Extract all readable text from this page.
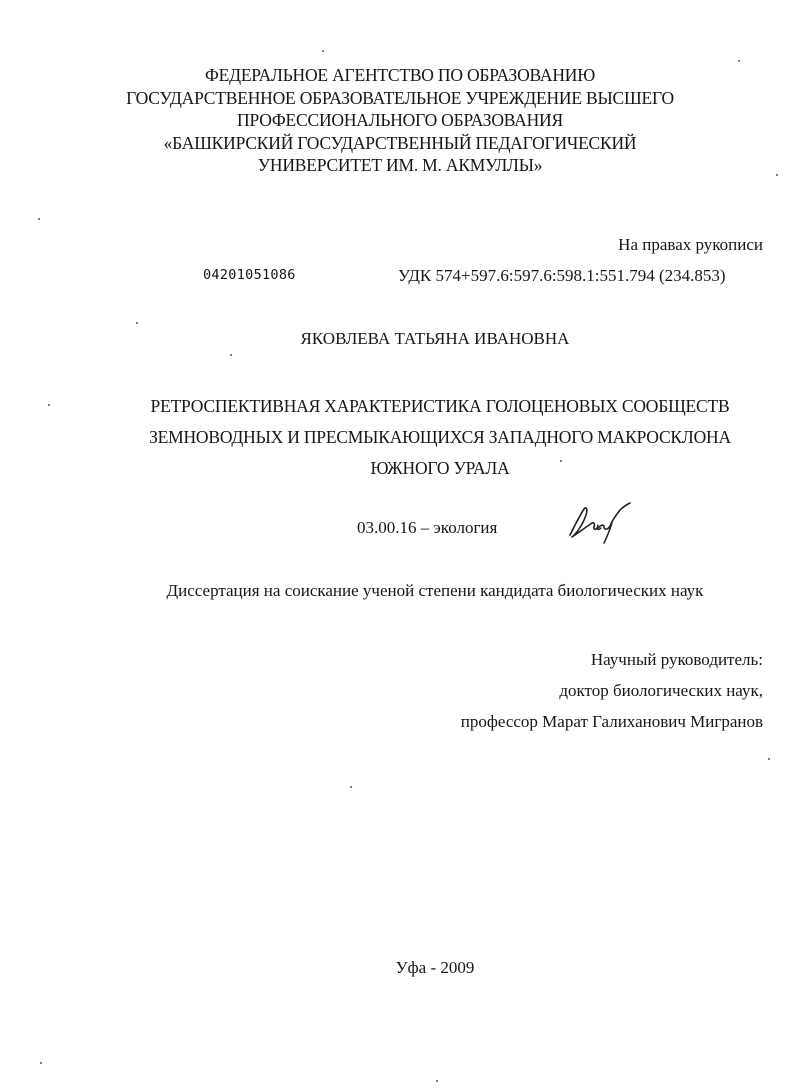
ФЕДЕРАЛЬНОЕ АГЕНТСТВО ПО ОБРАЗОВАНИЮ
ГОСУДАРСТВЕННОЕ ОБРАЗОВАТЕЛЬНОЕ УЧРЕЖДЕНИЕ ВЫСШЕГО
ПРОФЕССИОНАЛЬНОГО ОБРАЗОВАНИЯ
«БАШКИРСКИЙ ГОСУДАРСТВЕННЫЙ ПЕДАГОГИЧЕСКИЙ
УНИВЕРСИТЕТ ИМ. М. АКМУЛЛЫ»
На правах рукописи
04201051086	УДК 574+597.6:597.6:598.1:551.794 (234.853)
ЯКОВЛЕВА ТАТЬЯНА ИВАНОВНА
РЕТРОСПЕКТИВНАЯ ХАРАКТЕРИСТИКА ГОЛОЦЕНОВЫХ СООБЩЕСТВ
ЗЕМНОВОДНЫХ И ПРЕСМЫКАЮЩИХСЯ ЗАПАДНОГО МАКРОСКЛОНА
ЮЖНОГО УРАЛА
03.00.16 – экология
Диссертация на соискание ученой степени кандидата биологических наук
Научный руководитель:
доктор биологических наук,
профессор Марат Галиханович Мигранов
Уфа - 2009
